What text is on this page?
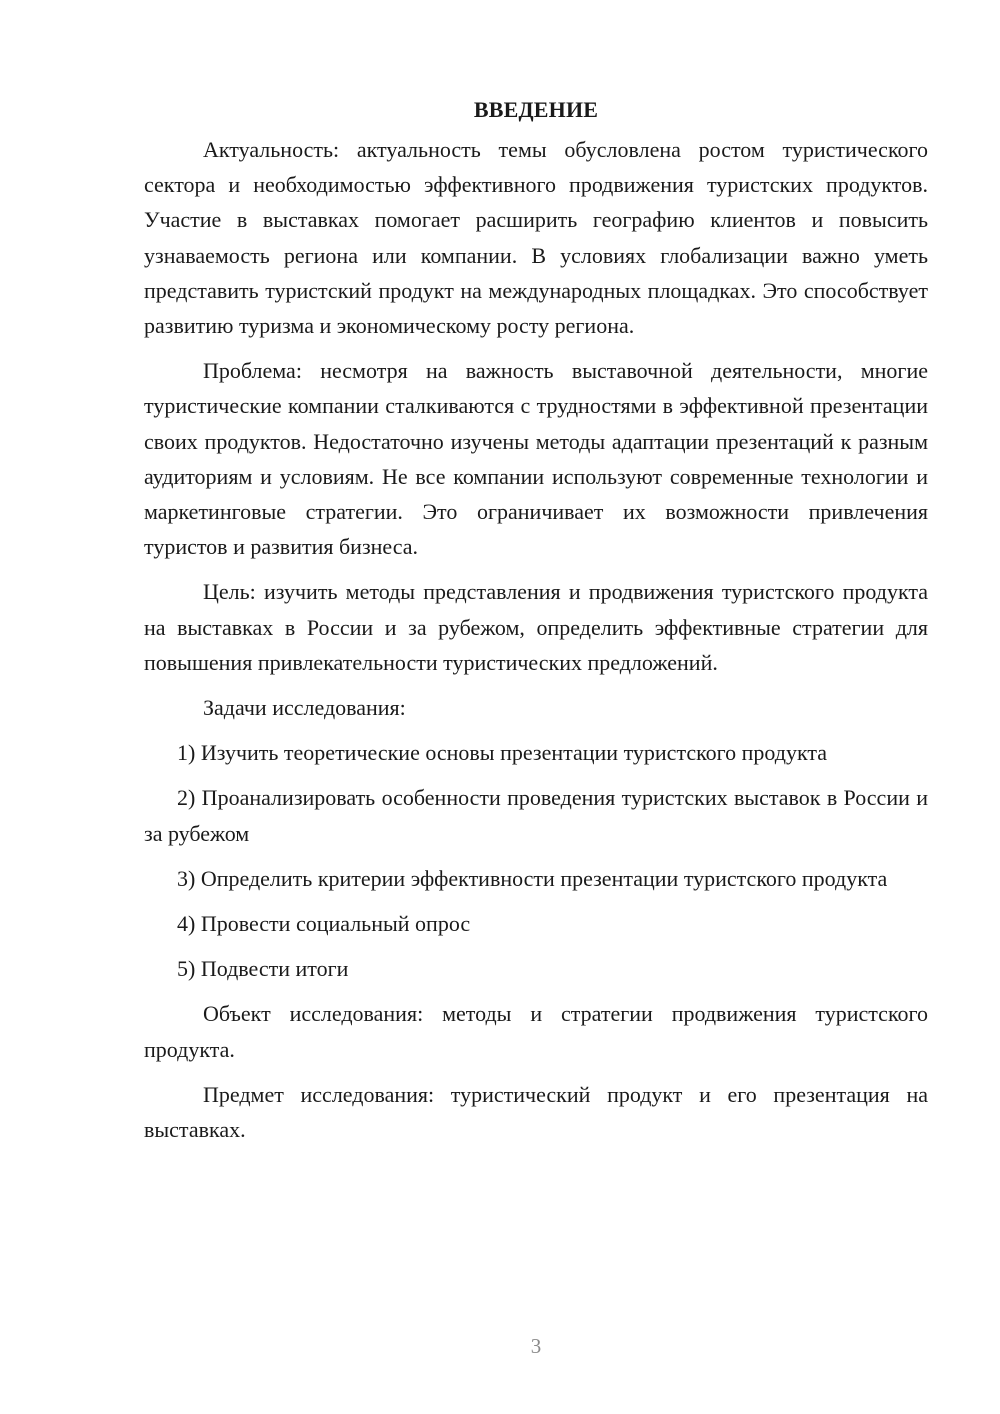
ВВЕДЕНИЕ

Актуальность: актуальность темы обусловлена ростом туристического сектора и необходимостью эффективного продвижения туристских продуктов. Участие в выставках помогает расширить географию клиентов и повысить узнаваемость региона или компании. В условиях глобализации важно уметь представить туристский продукт на международных площадках. Это способствует развитию туризма и экономическому росту региона.

Проблема: несмотря на важность выставочной деятельности, многие туристические компании сталкиваются с трудностями в эффективной презентации своих продуктов. Недостаточно изучены методы адаптации презентаций к разным аудиториям и условиям. Не все компании используют современные технологии и маркетинговые стратегии. Это ограничивает их возможности привлечения туристов и развития бизнеса.

Цель: изучить методы представления и продвижения туристского продукта на выставках в России и за рубежом, определить эффективные стратегии для повышения привлекательности туристических предложений.

Задачи исследования:

1) Изучить теоретические основы презентации туристского продукта

2) Проанализировать особенности проведения туристских выставок в России и за рубежом

3) Определить критерии эффективности презентации туристского продукта

4) Провести социальный опрос

5) Подвести итоги

Объект исследования: методы и стратегии продвижения туристского продукта.

Предмет исследования: туристический продукт и его презентация на выставках.

3
